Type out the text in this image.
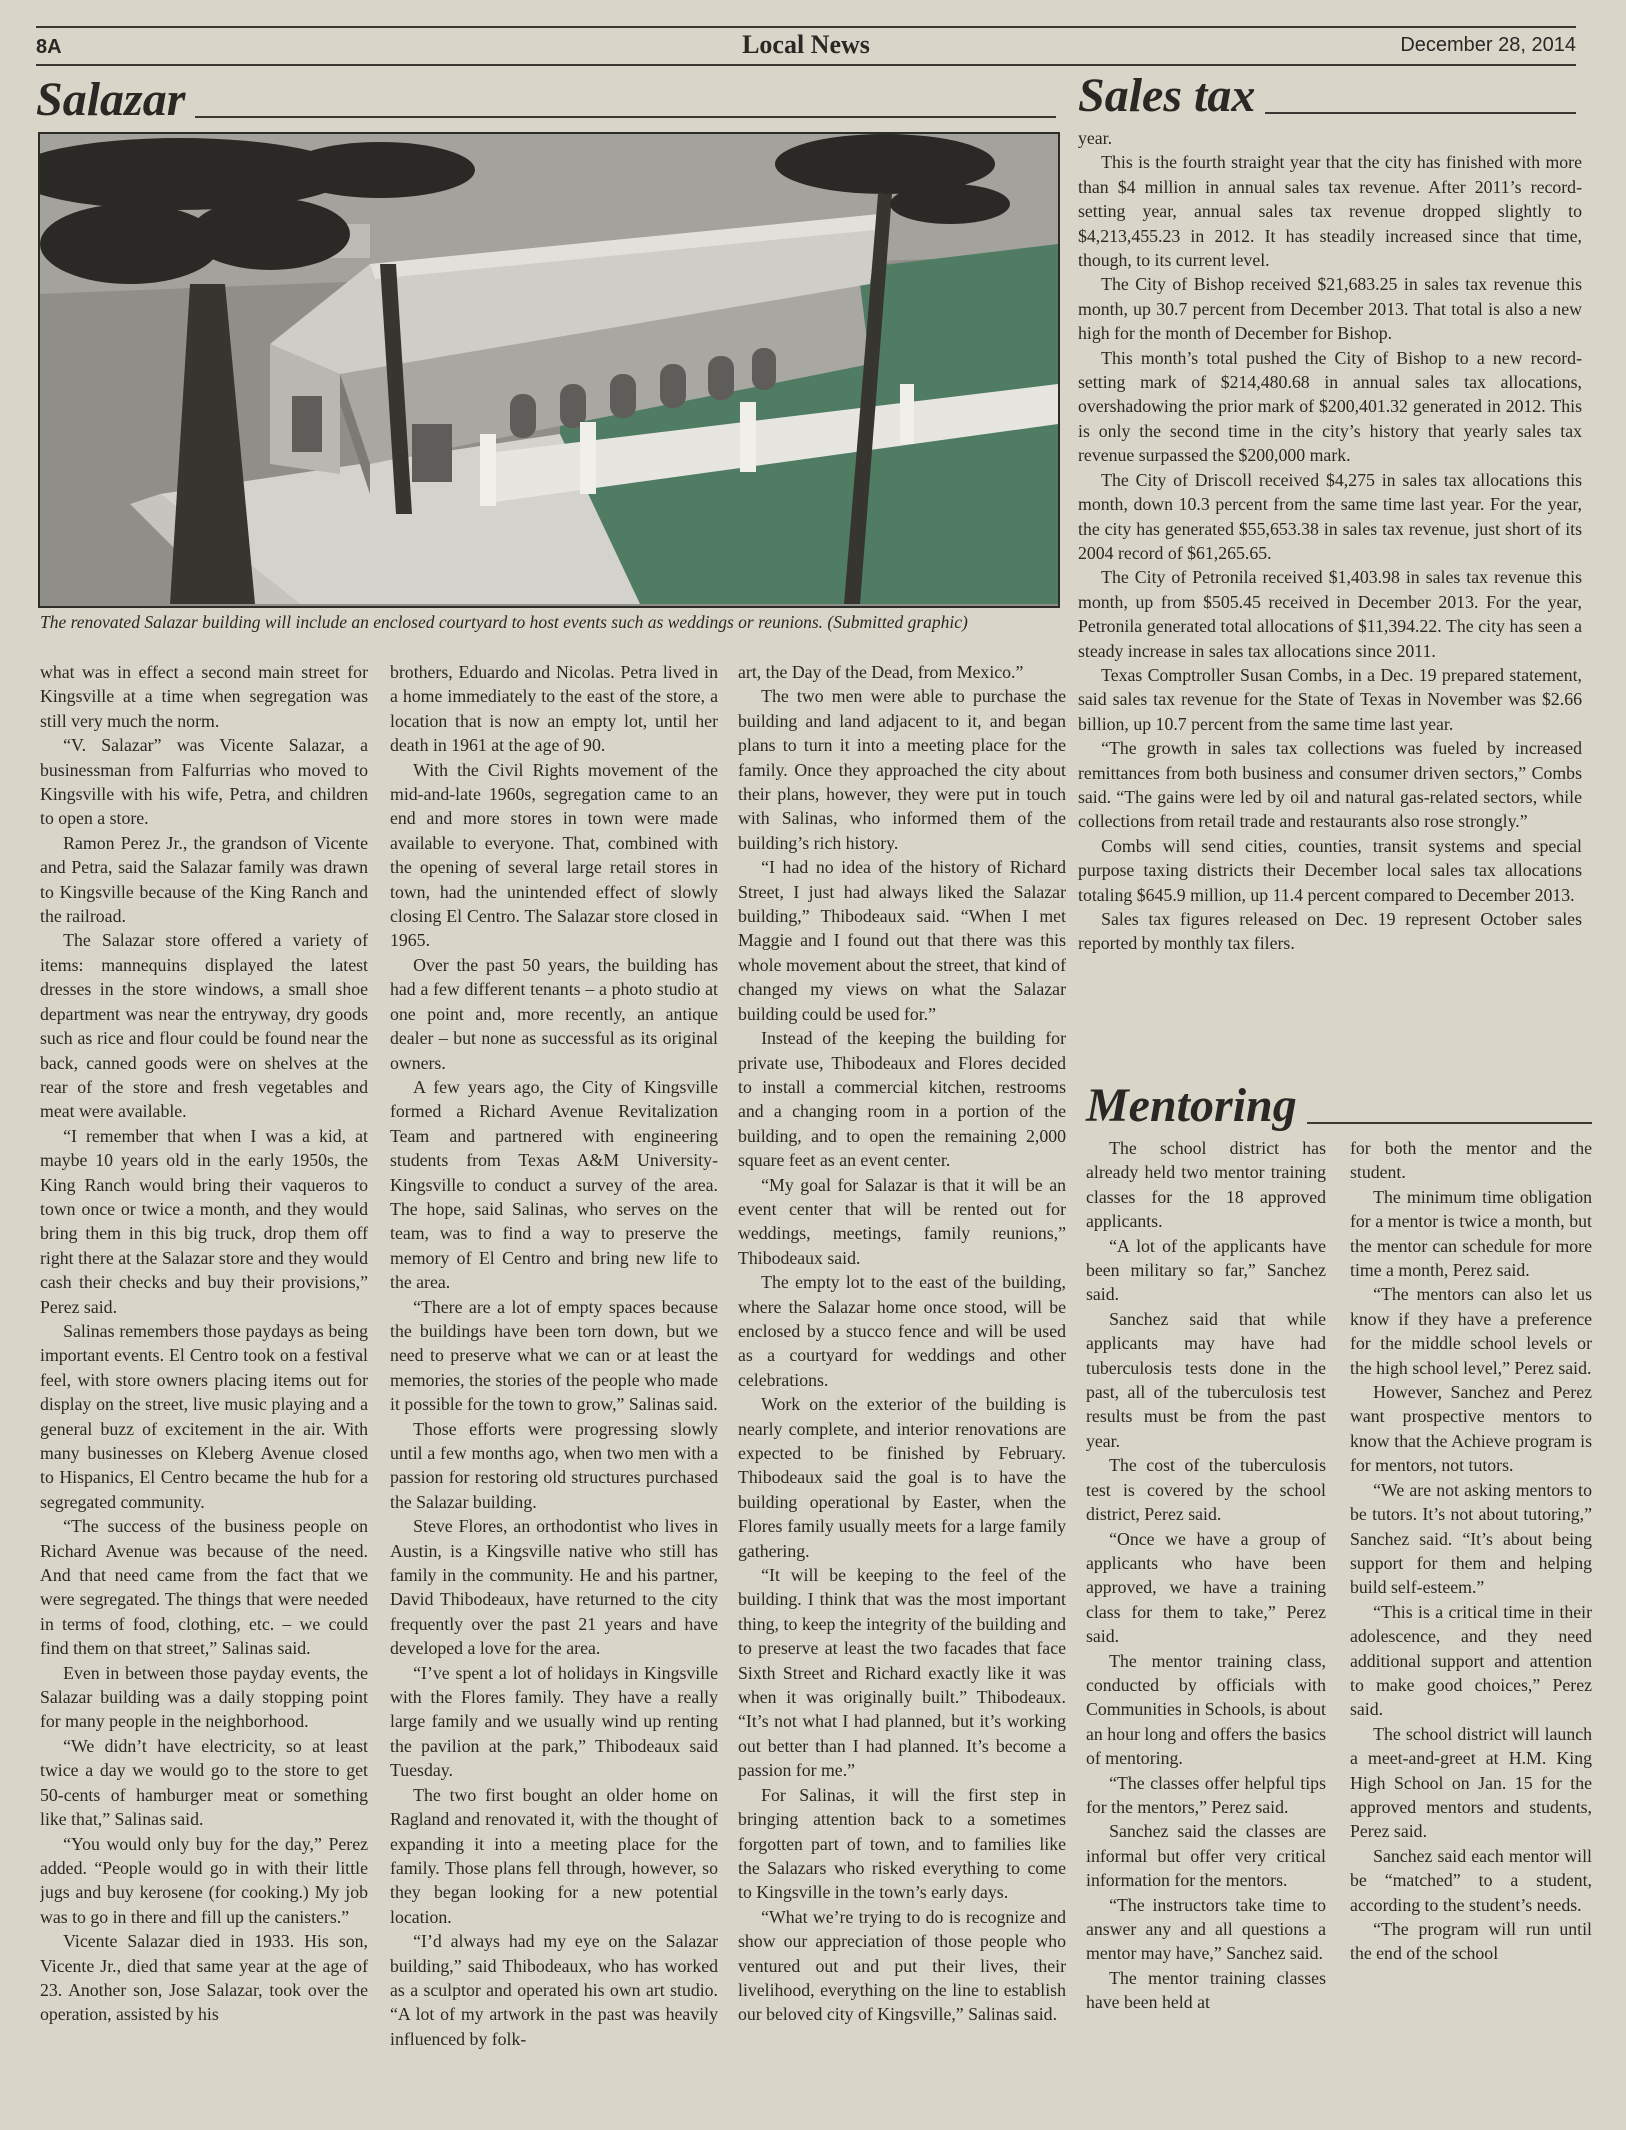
8A	Local News	December 28, 2014
Salazar
The renovated Salazar building will include an enclosed courtyard to host events such as weddings or reunions. (Submitted graphic)

what was in effect a second main street for Kingsville at a time when segregation was still very much the norm.

“V. Salazar” was Vicente Salazar, a businessman from Falfurrias who moved to Kingsville with his wife, Petra, and children to open a store.

Ramon Perez Jr., the grandson of Vicente and Petra, said the Salazar family was drawn to Kingsville because of the King Ranch and the railroad.

The Salazar store offered a variety of items: mannequins displayed the latest dresses in the store windows, a small shoe department was near the entryway, dry goods such as rice and flour could be found near the back, canned goods were on shelves at the rear of the store and fresh vegetables and meat were available.

“I remember that when I was a kid, at maybe 10 years old in the early 1950s, the King Ranch would bring their vaqueros to town once or twice a month, and they would bring them in this big truck, drop them off right there at the Salazar store and they would cash their checks and buy their provisions,” Perez said.

Salinas remembers those paydays as being important events. El Centro took on a festival feel, with store owners placing items out for display on the street, live music playing and a general buzz of excitement in the air. With many businesses on Kleberg Avenue closed to Hispanics, El Centro became the hub for a segregated community.

“The success of the business people on Richard Avenue was because of the need. And that need came from the fact that we were segregated. The things that were needed in terms of food, clothing, etc. – we could find them on that street,” Salinas said.

Even in between those payday events, the Salazar building was a daily stopping point for many people in the neighborhood.

“We didn’t have electricity, so at least twice a day we would go to the store to get 50-cents of hamburger meat or something like that,” Salinas said.

“You would only buy for the day,” Perez added. “People would go in with their little jugs and buy kerosene (for cooking.) My job was to go in there and fill up the canisters.”

Vicente Salazar died in 1933. His son, Vicente Jr., died that same year at the age of 23. Another son, Jose Salazar, took over the operation, assisted by his

brothers, Eduardo and Nicolas. Petra lived in a home immediately to the east of the store, a location that is now an empty lot, until her death in 1961 at the age of 90.

With the Civil Rights movement of the mid-and-late 1960s, segregation came to an end and more stores in town were made available to everyone. That, combined with the opening of several large retail stores in town, had the unintended effect of slowly closing El Centro. The Salazar store closed in 1965.

Over the past 50 years, the building has had a few different tenants – a photo studio at one point and, more recently, an antique dealer – but none as successful as its original owners.

A few years ago, the City of Kingsville formed a Richard Avenue Revitalization Team and partnered with engineering students from Texas A&M University-Kingsville to conduct a survey of the area. The hope, said Salinas, who serves on the team, was to find a way to preserve the memory of El Centro and bring new life to the area.

“There are a lot of empty spaces because the buildings have been torn down, but we need to preserve what we can or at least the memories, the stories of the people who made it possible for the town to grow,” Salinas said.

Those efforts were progressing slowly until a few months ago, when two men with a passion for restoring old structures purchased the Salazar building.

Steve Flores, an orthodontist who lives in Austin, is a Kingsville native who still has family in the community. He and his partner, David Thibodeaux, have returned to the city frequently over the past 21 years and have developed a love for the area.

“I’ve spent a lot of holidays in Kingsville with the Flores family. They have a really large family and we usually wind up renting the pavilion at the park,” Thibodeaux said Tuesday.

The two first bought an older home on Ragland and renovated it, with the thought of expanding it into a meeting place for the family. Those plans fell through, however, so they began looking for a new potential location.

“I’d always had my eye on the Salazar building,” said Thibodeaux, who has worked as a sculptor and operated his own art studio. “A lot of my artwork in the past was heavily influenced by folk-

art, the Day of the Dead, from Mexico.”

The two men were able to purchase the building and land adjacent to it, and began plans to turn it into a meeting place for the family. Once they approached the city about their plans, however, they were put in touch with Salinas, who informed them of the building’s rich history.

“I had no idea of the history of Richard Street, I just had always liked the Salazar building,” Thibodeaux said. “When I met Maggie and I found out that there was this whole movement about the street, that kind of changed my views on what the Salazar building could be used for.”

Instead of the keeping the building for private use, Thibodeaux and Flores decided to install a commercial kitchen, restrooms and a changing room in a portion of the building, and to open the remaining 2,000 square feet as an event center.

“My goal for Salazar is that it will be an event center that will be rented out for weddings, meetings, family reunions,” Thibodeaux said.

The empty lot to the east of the building, where the Salazar home once stood, will be enclosed by a stucco fence and will be used as a courtyard for weddings and other celebrations.

Work on the exterior of the building is nearly complete, and interior renovations are expected to be finished by February. Thibodeaux said the goal is to have the building operational by Easter, when the Flores family usually meets for a large family gathering.

“It will be keeping to the feel of the building. I think that was the most important thing, to keep the integrity of the building and to preserve at least the two facades that face Sixth Street and Richard exactly like it was when it was originally built.” Thibodeaux. “It’s not what I had planned, but it’s working out better than I had planned. It’s become a passion for me.”

For Salinas, it will the first step in bringing attention back to a sometimes forgotten part of town, and to families like the Salazars who risked everything to come to Kingsville in the town’s early days.

“What we’re trying to do is recognize and show our appreciation of those people who ventured out and put their lives, their livelihood, everything on the line to establish our beloved city of Kingsville,” Salinas said.

Sales tax

year.

This is the fourth straight year that the city has finished with more than $4 million in annual sales tax revenue. After 2011’s record-setting year, annual sales tax revenue dropped slightly to $4,213,455.23 in 2012. It has steadily increased since that time, though, to its current level.

The City of Bishop received $21,683.25 in sales tax revenue this month, up 30.7 percent from December 2013. That total is also a new high for the month of December for Bishop.

This month’s total pushed the City of Bishop to a new record-setting mark of $214,480.68 in annual sales tax allocations, overshadowing the prior mark of $200,401.32 generated in 2012. This is only the second time in the city’s history that yearly sales tax revenue surpassed the $200,000 mark.

The City of Driscoll received $4,275 in sales tax allocations this month, down 10.3 percent from the same time last year. For the year, the city has generated $55,653.38 in sales tax revenue, just short of its 2004 record of $61,265.65.

The City of Petronila received $1,403.98 in sales tax revenue this month, up from $505.45 received in December 2013. For the year, Petronila generated total allocations of $11,394.22. The city has seen a steady increase in sales tax allocations since 2011.

Texas Comptroller Susan Combs, in a Dec. 19 prepared statement, said sales tax revenue for the State of Texas in November was $2.66 billion, up 10.7 percent from the same time last year.

“The growth in sales tax collections was fueled by increased remittances from both business and consumer driven sectors,” Combs said. “The gains were led by oil and natural gas-related sectors, while collections from retail trade and restaurants also rose strongly.”

Combs will send cities, counties, transit systems and special purpose taxing districts their December local sales tax allocations totaling $645.9 million, up 11.4 percent compared to December 2013.

Sales tax figures released on Dec. 19 represent October sales reported by monthly tax filers.

Mentoring

The school district has already held two mentor training classes for the 18 approved applicants.

“A lot of the applicants have been military so far,” Sanchez said.

Sanchez said that while applicants may have had tuberculosis tests done in the past, all of the tuberculosis test results must be from the past year.

The cost of the tuberculosis test is covered by the school district, Perez said.

“Once we have a group of applicants who have been approved, we have a training class for them to take,” Perez said.

The mentor training class, conducted by officials with Communities in Schools, is about an hour long and offers the basics of mentoring.

“The classes offer helpful tips for the mentors,” Perez said.

Sanchez said the classes are informal but offer very critical information for the mentors.

“The instructors take time to answer any and all questions a mentor may have,” Sanchez said.

The mentor training classes have been held at

for both the mentor and the student.

The minimum time obligation for a mentor is twice a month, but the mentor can schedule for more time a month, Perez said.

“The mentors can also let us know if they have a preference for the middle school levels or the high school level,” Perez said.

However, Sanchez and Perez want prospective mentors to know that the Achieve program is for mentors, not tutors.

“We are not asking mentors to be tutors. It’s not about tutoring,” Sanchez said. “It’s about being support for them and helping build self-esteem.”

“This is a critical time in their adolescence, and they need additional support and attention to make good choices,” Perez said.

The school district will launch a meet-and-greet at H.M. King High School on Jan. 15 for the approved mentors and students, Perez said.

Sanchez said each mentor will be “matched” to a student, according to the student’s needs.

“The program will run until the end of the school
